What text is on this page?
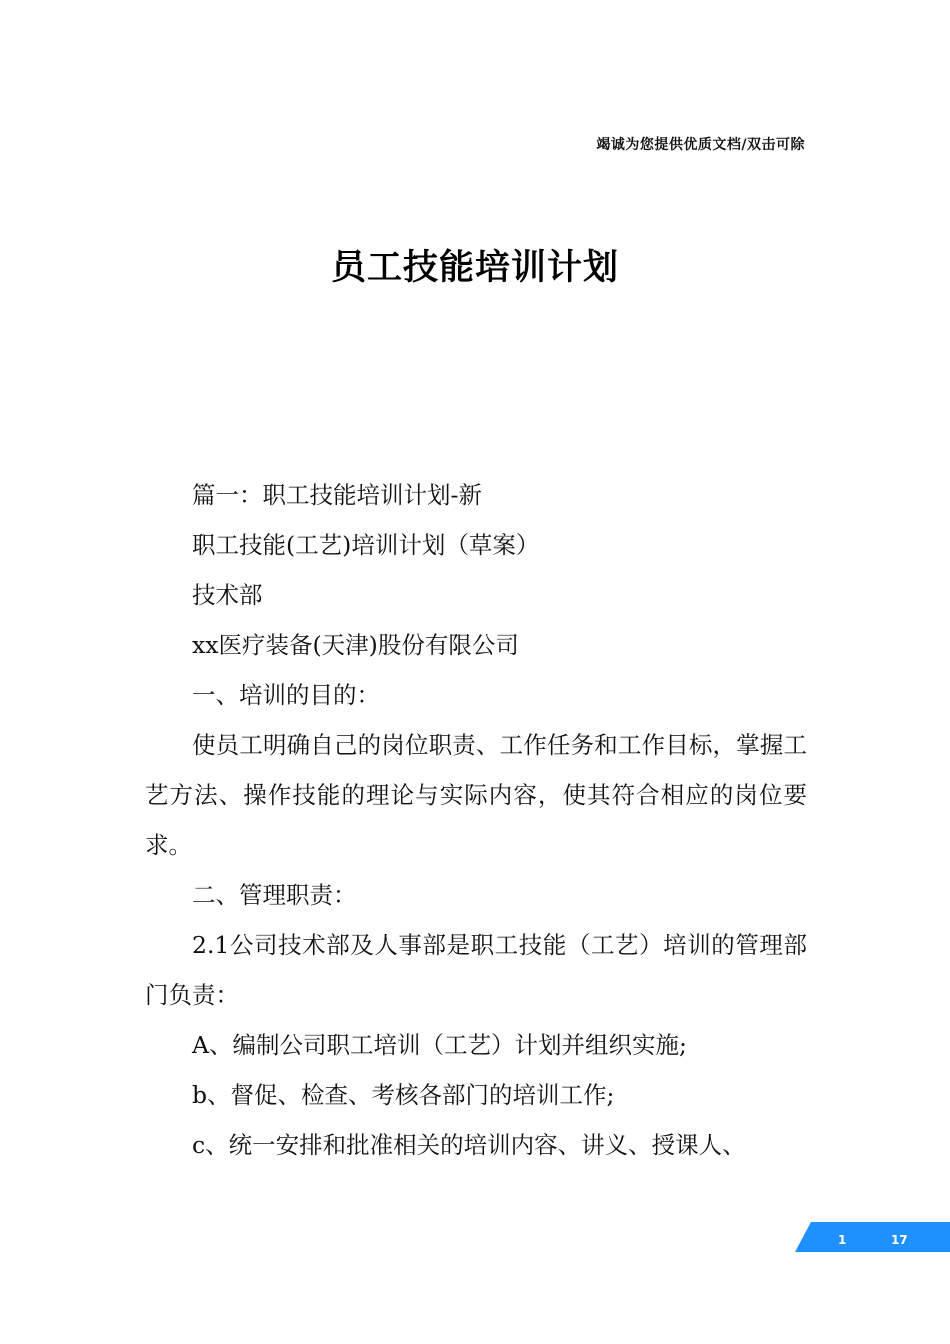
竭诚为您提供优质文档/双击可除
员工技能培训计划

篇一：职工技能培训计划-新

职工技能(工艺)培训计划（草案）

技术部

xx医疗装备(天津)股份有限公司

一、培训的目的：

使员工明确自己的岗位职责、工作任务和工作目标，掌握工艺方法、操作技能的理论与实际内容，使其符合相应的岗位要求。

二、管理职责：

2.1公司技术部及人事部是职工技能（工艺）培训的管理部门负责：

A、编制公司职工培训（工艺）计划并组织实施;

b、督促、检查、考核各部门的培训工作;

c、统一安排和批准相关的培训内容、讲义、授课人、

1	17
